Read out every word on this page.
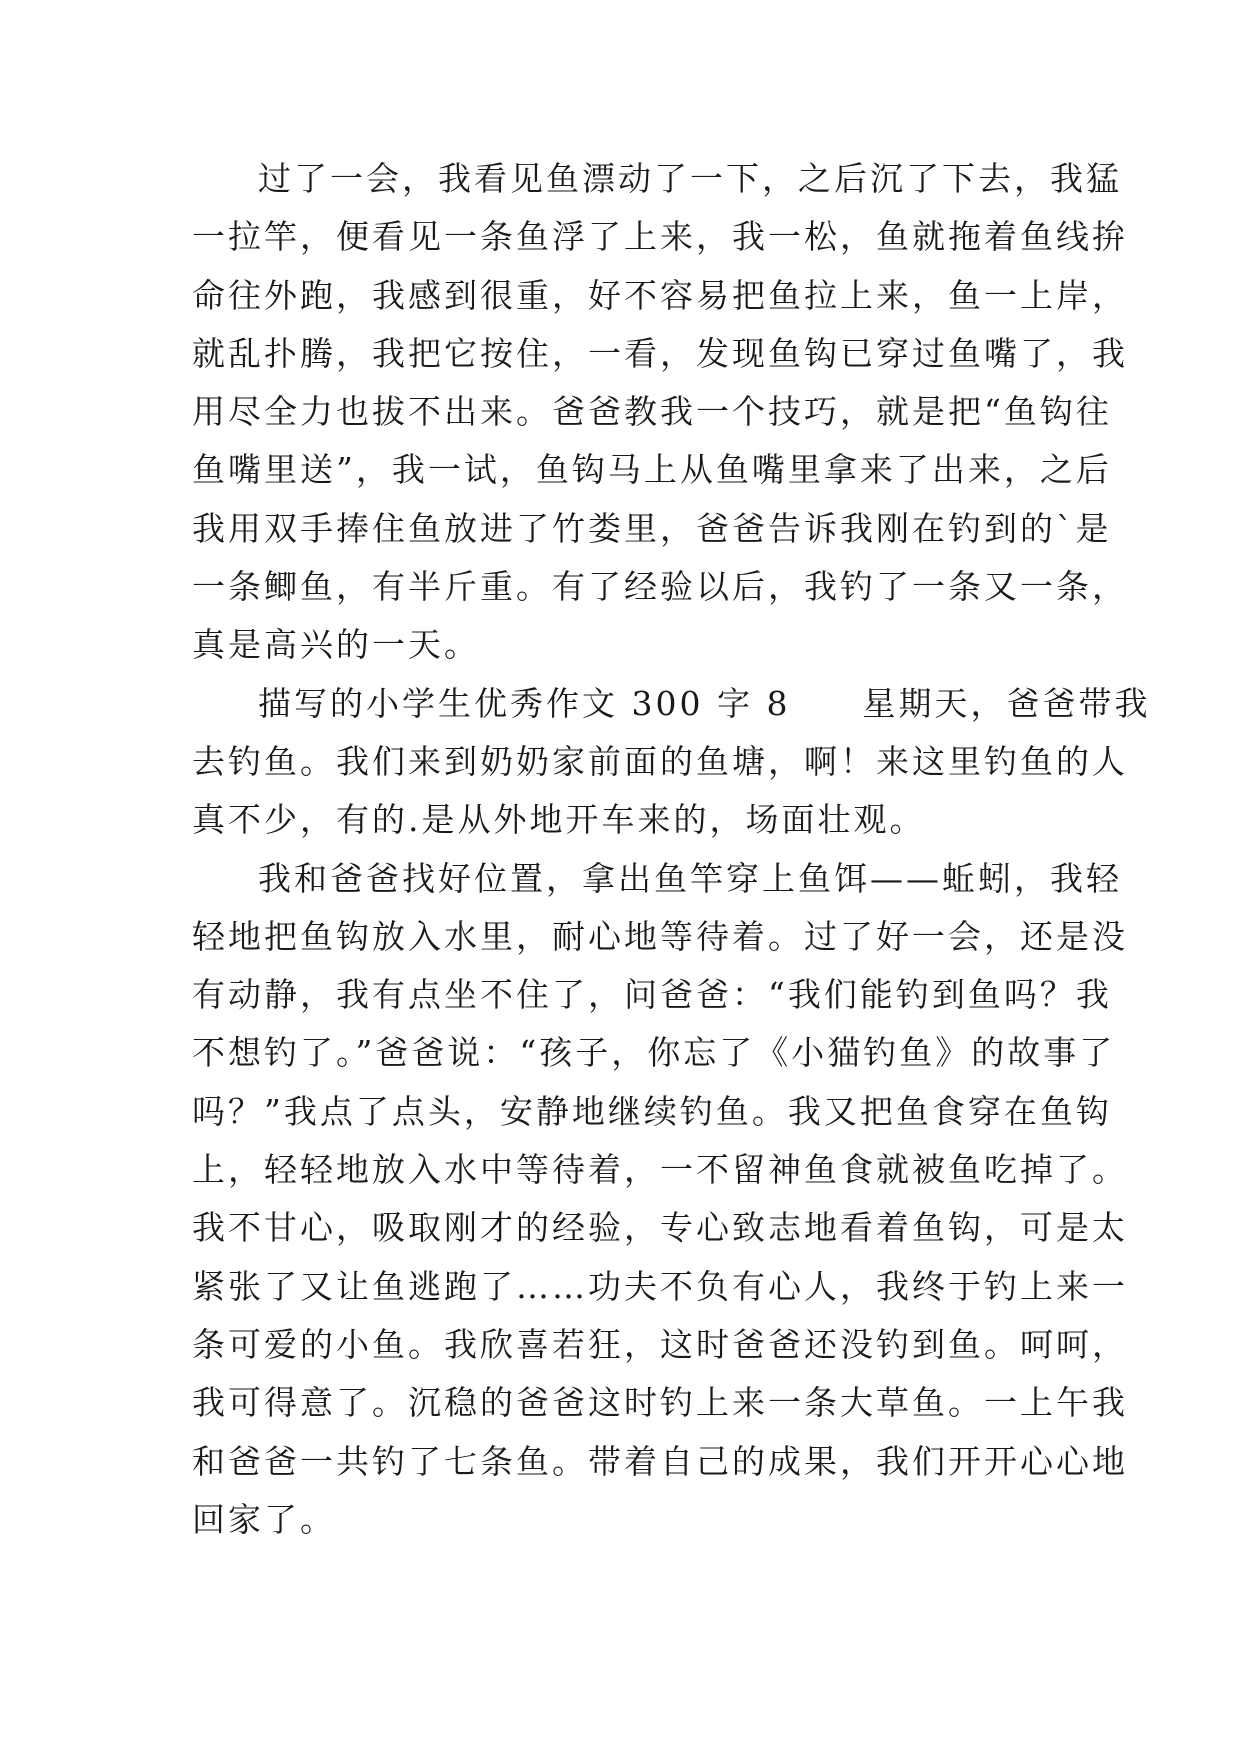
过了一会，我看见鱼漂动了一下，之后沉了下去，我猛
一拉竿，便看见一条鱼浮了上来，我一松，鱼就拖着鱼线拚
命往外跑，我感到很重，好不容易把鱼拉上来，鱼一上岸，
就乱扑腾，我把它按住，一看，发现鱼钩已穿过鱼嘴了，我
用尽全力也拔不出来。爸爸教我一个技巧，就是把“鱼钩往
鱼嘴里送”，我一试，鱼钩马上从鱼嘴里拿来了出来，之后
我用双手捧住鱼放进了竹娄里，爸爸告诉我刚在钓到的`是
一条鲫鱼，有半斤重。有了经验以后，我钓了一条又一条，
真是高兴的一天。
描写的小学生优秀作文 300 字 8　　星期天，爸爸带我
去钓鱼。我们来到奶奶家前面的鱼塘，啊！来这里钓鱼的人
真不少，有的.是从外地开车来的，场面壮观。
我和爸爸找好位置，拿出鱼竿穿上鱼饵——蚯蚓，我轻
轻地把鱼钩放入水里，耐心地等待着。过了好一会，还是没
有动静，我有点坐不住了，问爸爸：“我们能钓到鱼吗？我
不想钓了。”爸爸说：“孩子，你忘了《小猫钓鱼》的故事了
吗？”我点了点头，安静地继续钓鱼。我又把鱼食穿在鱼钩
上，轻轻地放入水中等待着，一不留神鱼食就被鱼吃掉了。
我不甘心，吸取刚才的经验，专心致志地看着鱼钩，可是太
紧张了又让鱼逃跑了……功夫不负有心人，我终于钓上来一
条可爱的小鱼。我欣喜若狂，这时爸爸还没钓到鱼。呵呵，
我可得意了。沉稳的爸爸这时钓上来一条大草鱼。一上午我
和爸爸一共钓了七条鱼。带着自己的成果，我们开开心心地
回家了。
